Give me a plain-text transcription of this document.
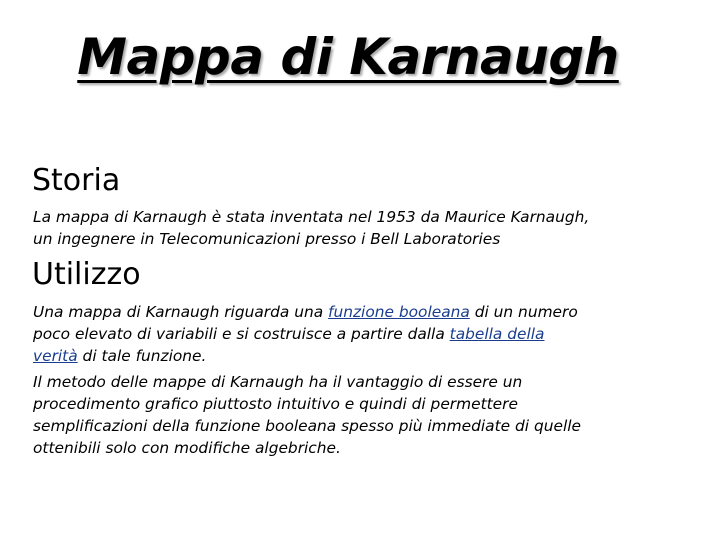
Mappa di Karnaugh
Storia
La mappa di Karnaugh è stata inventata nel 1953 da Maurice Karnaugh,
un ingegnere in Telecomunicazioni presso i Bell Laboratories
Utilizzo
Una mappa di Karnaugh riguarda una funzione booleana di un numero
poco elevato di variabili e si costruisce a partire dalla tabella della
verità di tale funzione.
Il metodo delle mappe di Karnaugh ha il vantaggio di essere un
procedimento grafico piuttosto intuitivo e quindi di permettere
semplificazioni della funzione booleana spesso più immediate di quelle
ottenibili solo con modifiche algebriche.
